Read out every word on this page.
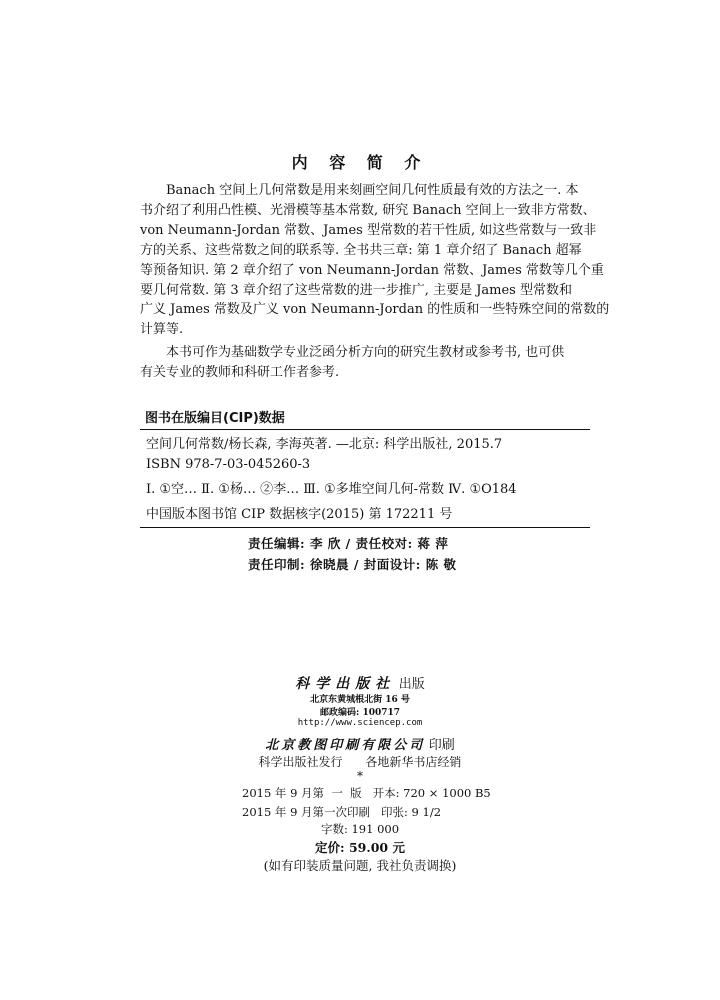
内 容 简 介

Banach 空间上几何常数是用来刻画空间几何性质最有效的方法之一. 本
书介绍了利用凸性模、光滑模等基本常数, 研究 Banach 空间上一致非方常数、
von Neumann-Jordan 常数、James 型常数的若干性质, 如这些常数与一致非
方的关系、这些常数之间的联系等. 全书共三章: 第 1 章介绍了 Banach 超幂
等预备知识. 第 2 章介绍了 von Neumann-Jordan 常数、James 常数等几个重
要几何常数. 第 3 章介绍了这些常数的进一步推广, 主要是 James 型常数和
广义 James 常数及广义 von Neumann-Jordan 的性质和一些特殊空间的常数的
计算等.

本书可作为基础数学专业泛函分析方向的研究生教材或参考书, 也可供
有关专业的教师和科研工作者参考.

图书在版编目(CIP)数据
空间几何常数/杨长森, 李海英著. —北京: 科学出版社, 2015.7
ISBN 978-7-03-045260-3
Ⅰ. ①空… Ⅱ. ①杨… ②李… Ⅲ. ①多堆空间几何-常数 Ⅳ. ①O184
中国版本图书馆 CIP 数据核字(2015) 第 172211 号
责任编辑: 李 欣 / 责任校对: 蒋 萍
责任印制: 徐晓晨 / 封面设计: 陈 敬
科学出版社 出版
北京东黄城根北街 16 号
邮政编码: 100717
http://www.sciencep.com
北京教图印刷有限公司 印刷
科学出版社发行      各地新华书店经销
*
2015 年 9 月第  一  版   开本: 720 × 1000 B5
2015 年 9 月第一次印刷   印张: 9 1/2
字数: 191 000
定价: 59.00 元
(如有印装质量问题, 我社负责调换)
